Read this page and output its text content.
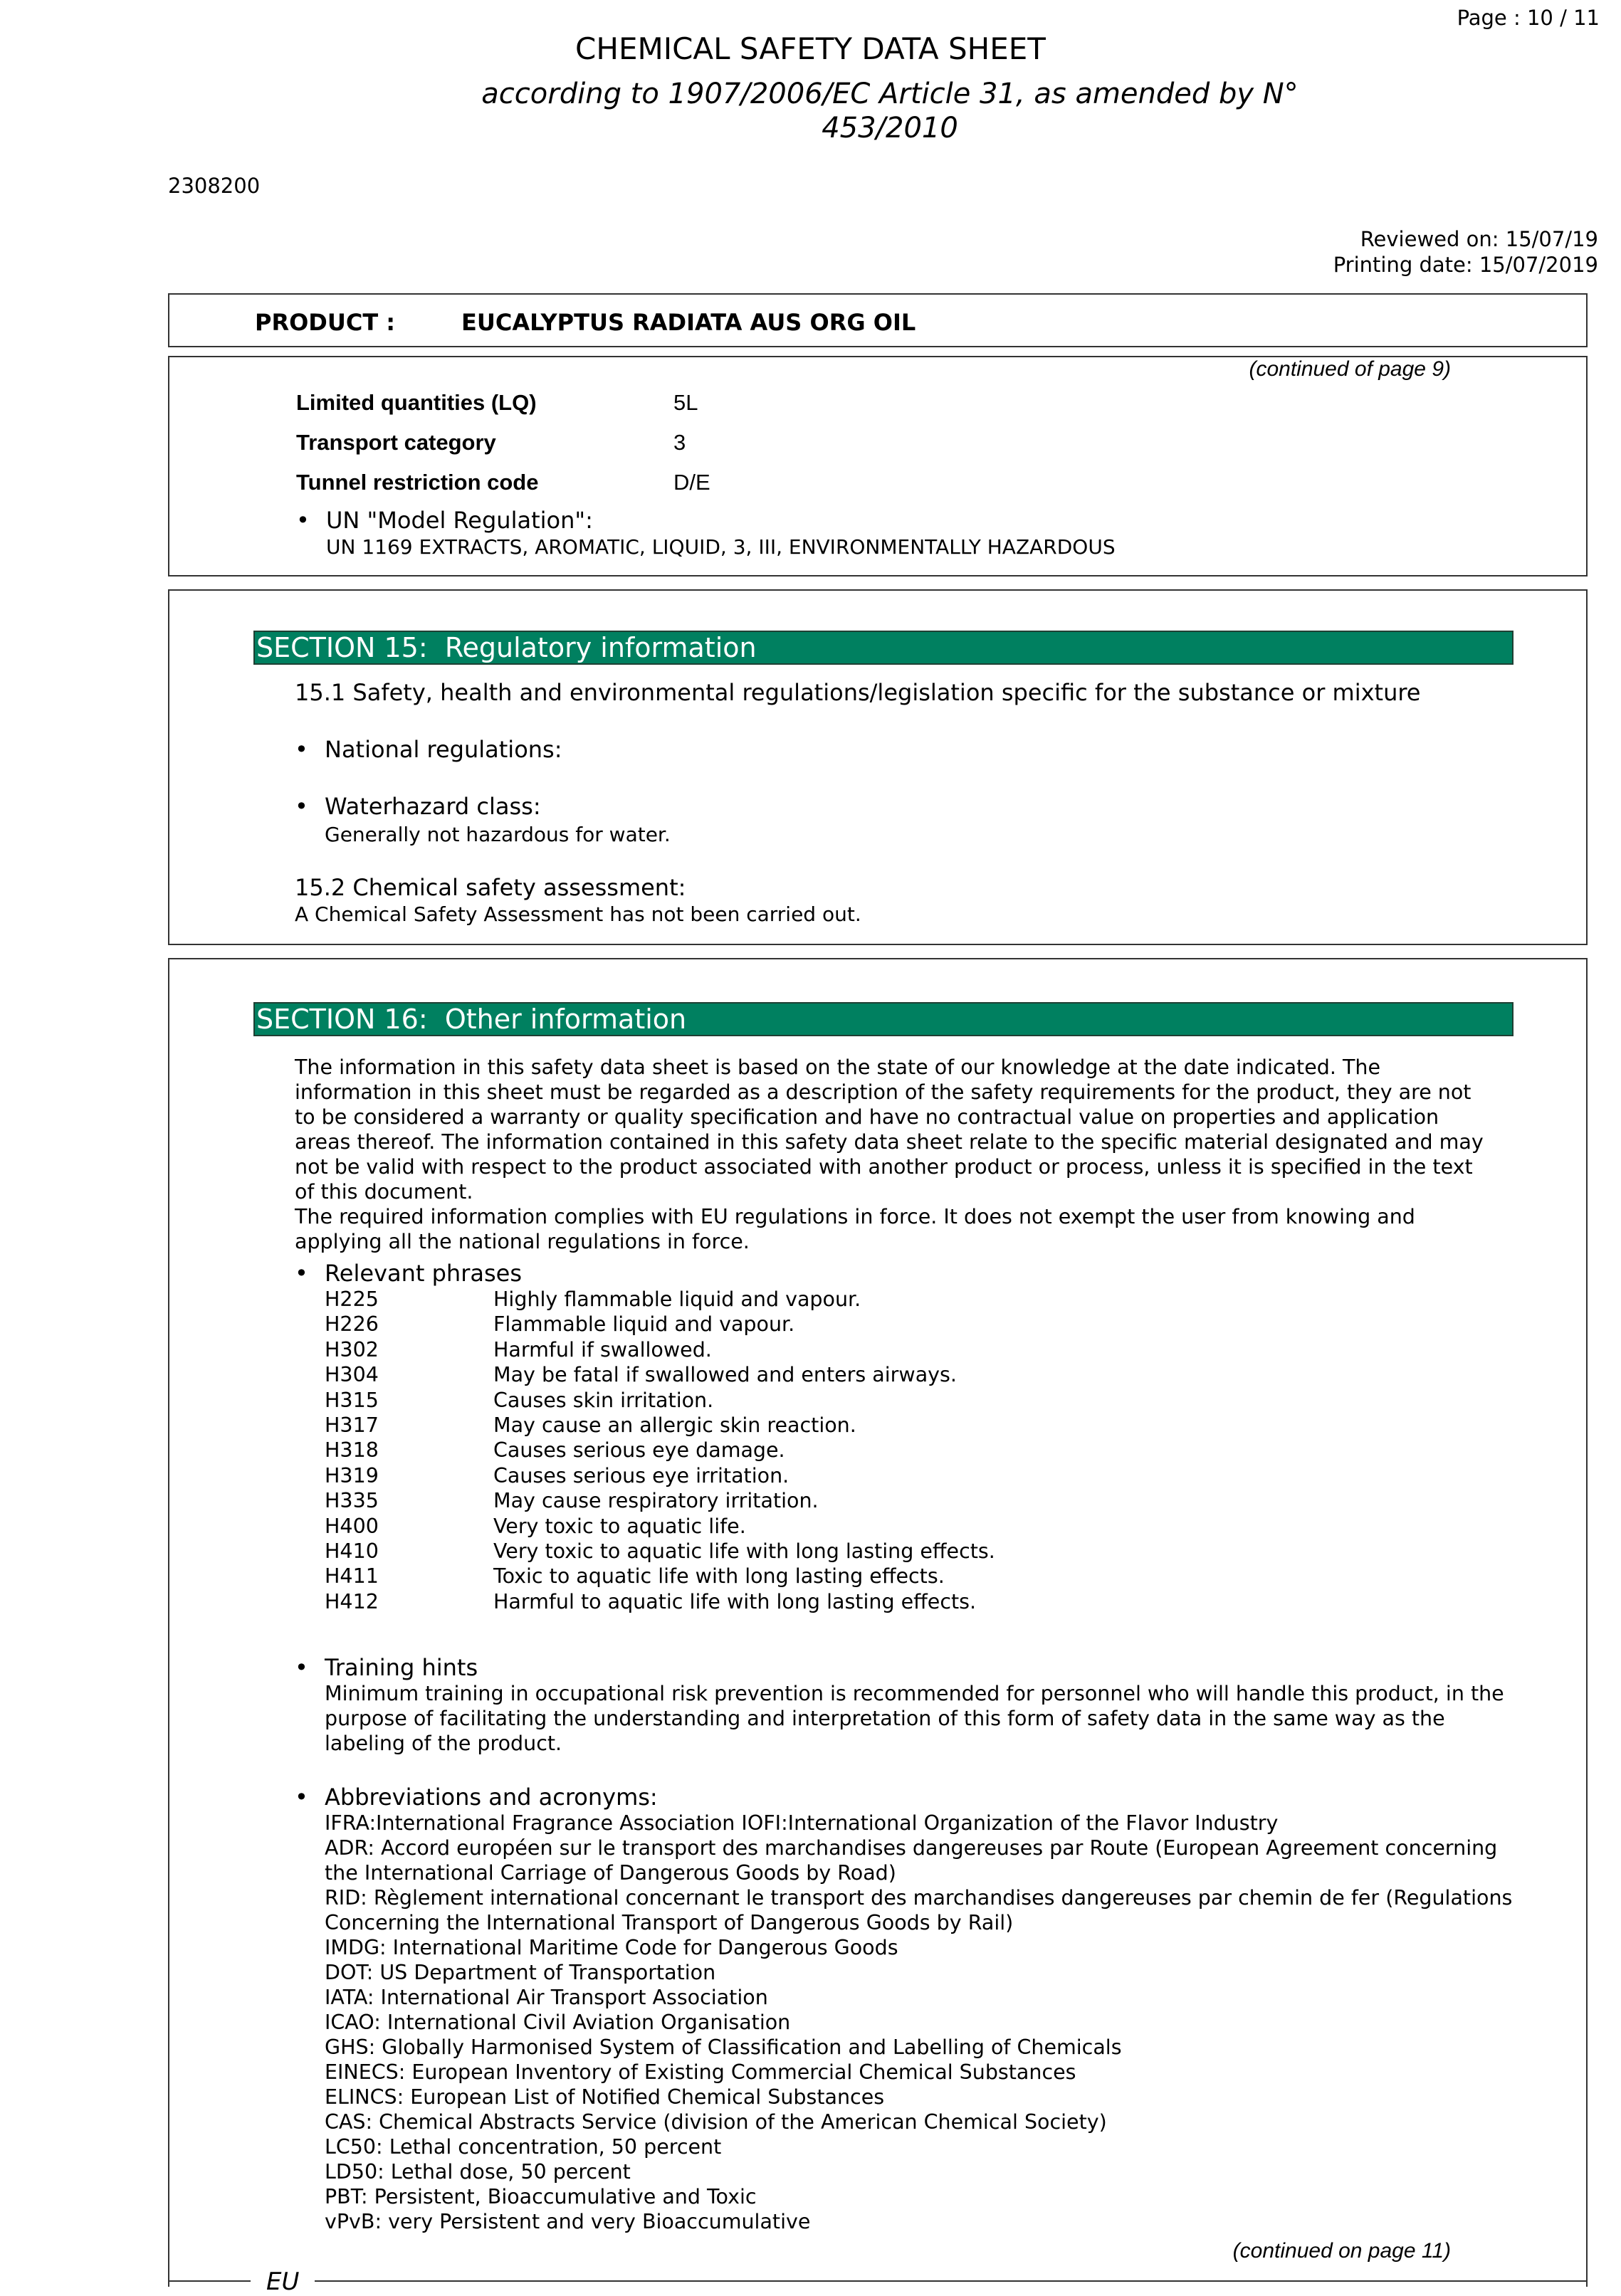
Page : 10 / 11
CHEMICAL SAFETY DATA SHEET
according to 1907/2006/EC Article 31, as amended by N°
453/2010
2308200
Reviewed on: 15/07/19
Printing date: 15/07/2019
PRODUCT :	EUCALYPTUS RADIATA AUS ORG OIL
(continued of page 9)
Limited quantities (LQ)	5L
Transport category	3
Tunnel restriction code	D/E
• UN "Model Regulation":
UN 1169 EXTRACTS, AROMATIC, LIQUID, 3, III, ENVIRONMENTALLY HAZARDOUS
SECTION 15:  Regulatory information
15.1 Safety, health and environmental regulations/legislation specific for the substance or mixture
• National regulations:
• Waterhazard class:
Generally not hazardous for water.
15.2 Chemical safety assessment:
A Chemical Safety Assessment has not been carried out.
SECTION 16:  Other information
The information in this safety data sheet is based on the state of our knowledge at the date indicated. The
information in this sheet must be regarded as a description of the safety requirements for the product, they are not
to be considered a warranty or quality specification and have no contractual value on properties and application
areas thereof. The information contained in this safety data sheet relate to the specific material designated and may
not be valid with respect to the product associated with another product or process, unless it is specified in the text
of this document.
The required information complies with EU regulations in force. It does not exempt the user from knowing and
applying all the national regulations in force.
• Relevant phrases
H225	Highly flammable liquid and vapour.
H226	Flammable liquid and vapour.
H302	Harmful if swallowed.
H304	May be fatal if swallowed and enters airways.
H315	Causes skin irritation.
H317	May cause an allergic skin reaction.
H318	Causes serious eye damage.
H319	Causes serious eye irritation.
H335	May cause respiratory irritation.
H400	Very toxic to aquatic life.
H410	Very toxic to aquatic life with long lasting effects.
H411	Toxic to aquatic life with long lasting effects.
H412	Harmful to aquatic life with long lasting effects.
• Training hints
Minimum training in occupational risk prevention is recommended for personnel who will handle this product, in the
purpose of facilitating the understanding and interpretation of this form of safety data in the same way as the
labeling of the product.
• Abbreviations and acronyms:
IFRA:International Fragrance Association IOFI:International Organization of the Flavor Industry
ADR: Accord européen sur le transport des marchandises dangereuses par Route (European Agreement concerning
the International Carriage of Dangerous Goods by Road)
RID: Règlement international concernant le transport des marchandises dangereuses par chemin de fer (Regulations
Concerning the International Transport of Dangerous Goods by Rail)
IMDG: International Maritime Code for Dangerous Goods
DOT: US Department of Transportation
IATA: International Air Transport Association
ICAO: International Civil Aviation Organisation
GHS: Globally Harmonised System of Classification and Labelling of Chemicals
EINECS: European Inventory of Existing Commercial Chemical Substances
ELINCS: European List of Notified Chemical Substances
CAS: Chemical Abstracts Service (division of the American Chemical Society)
LC50: Lethal concentration, 50 percent
LD50: Lethal dose, 50 percent
PBT: Persistent, Bioaccumulative and Toxic
vPvB: very Persistent and very Bioaccumulative
(continued on page 11)
EU
